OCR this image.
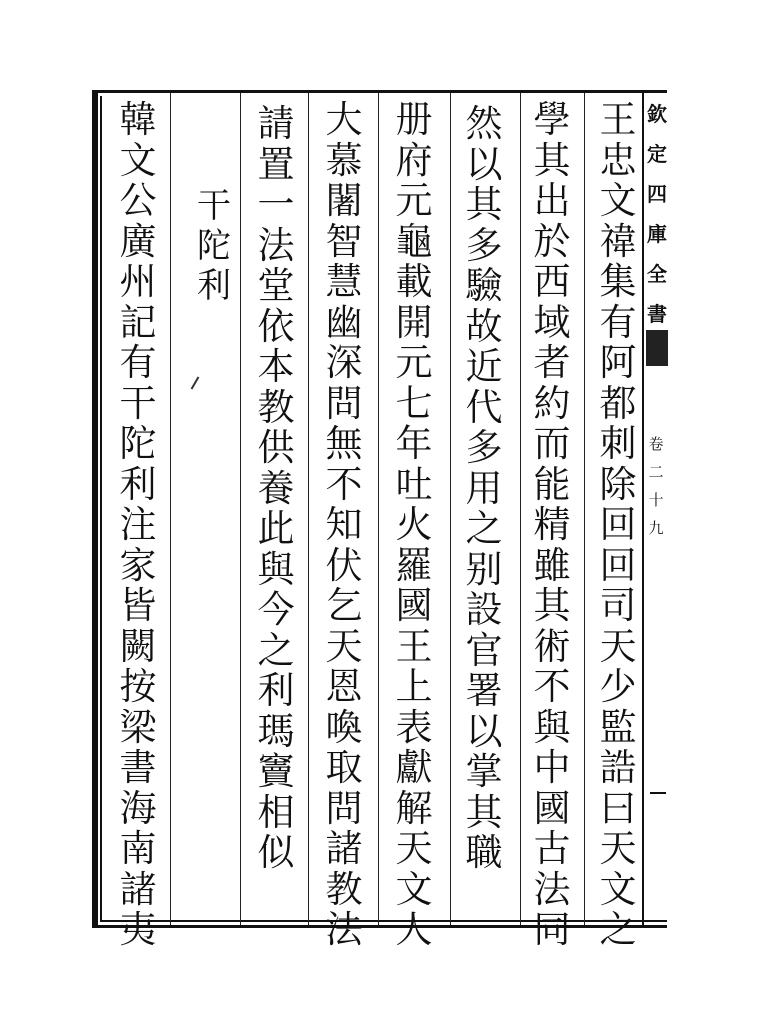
欽
定
四
庫
全
書
卷
二
十
九
王
忠
文
禕
集
有
阿
都
刺
除
回
回
司
天
少
監
誥
曰
天
文
之
學
其
出
於
西
域
者
約
而
能
精
雖
其
術
不
與
中
國
古
法
同
然
以
其
多
驗
故
近
代
多
用
之
别
設
官
署
以
掌
其
職
册
府
元
龜
載
開
元
七
年
吐
火
羅
國
王
上
表
獻
解
天
文
人
大
慕
闍
智
慧
幽
深
問
無
不
知
伏
乞
天
恩
喚
取
問
諸
教
法
請
置
一
法
堂
依
本
教
供
養
此
與
今
之
利
瑪
竇
相
似
干
陀
利
韓
文
公
廣
州
記
有
干
陀
利
注
家
皆
闕
按
梁
書
海
南
諸
夷
